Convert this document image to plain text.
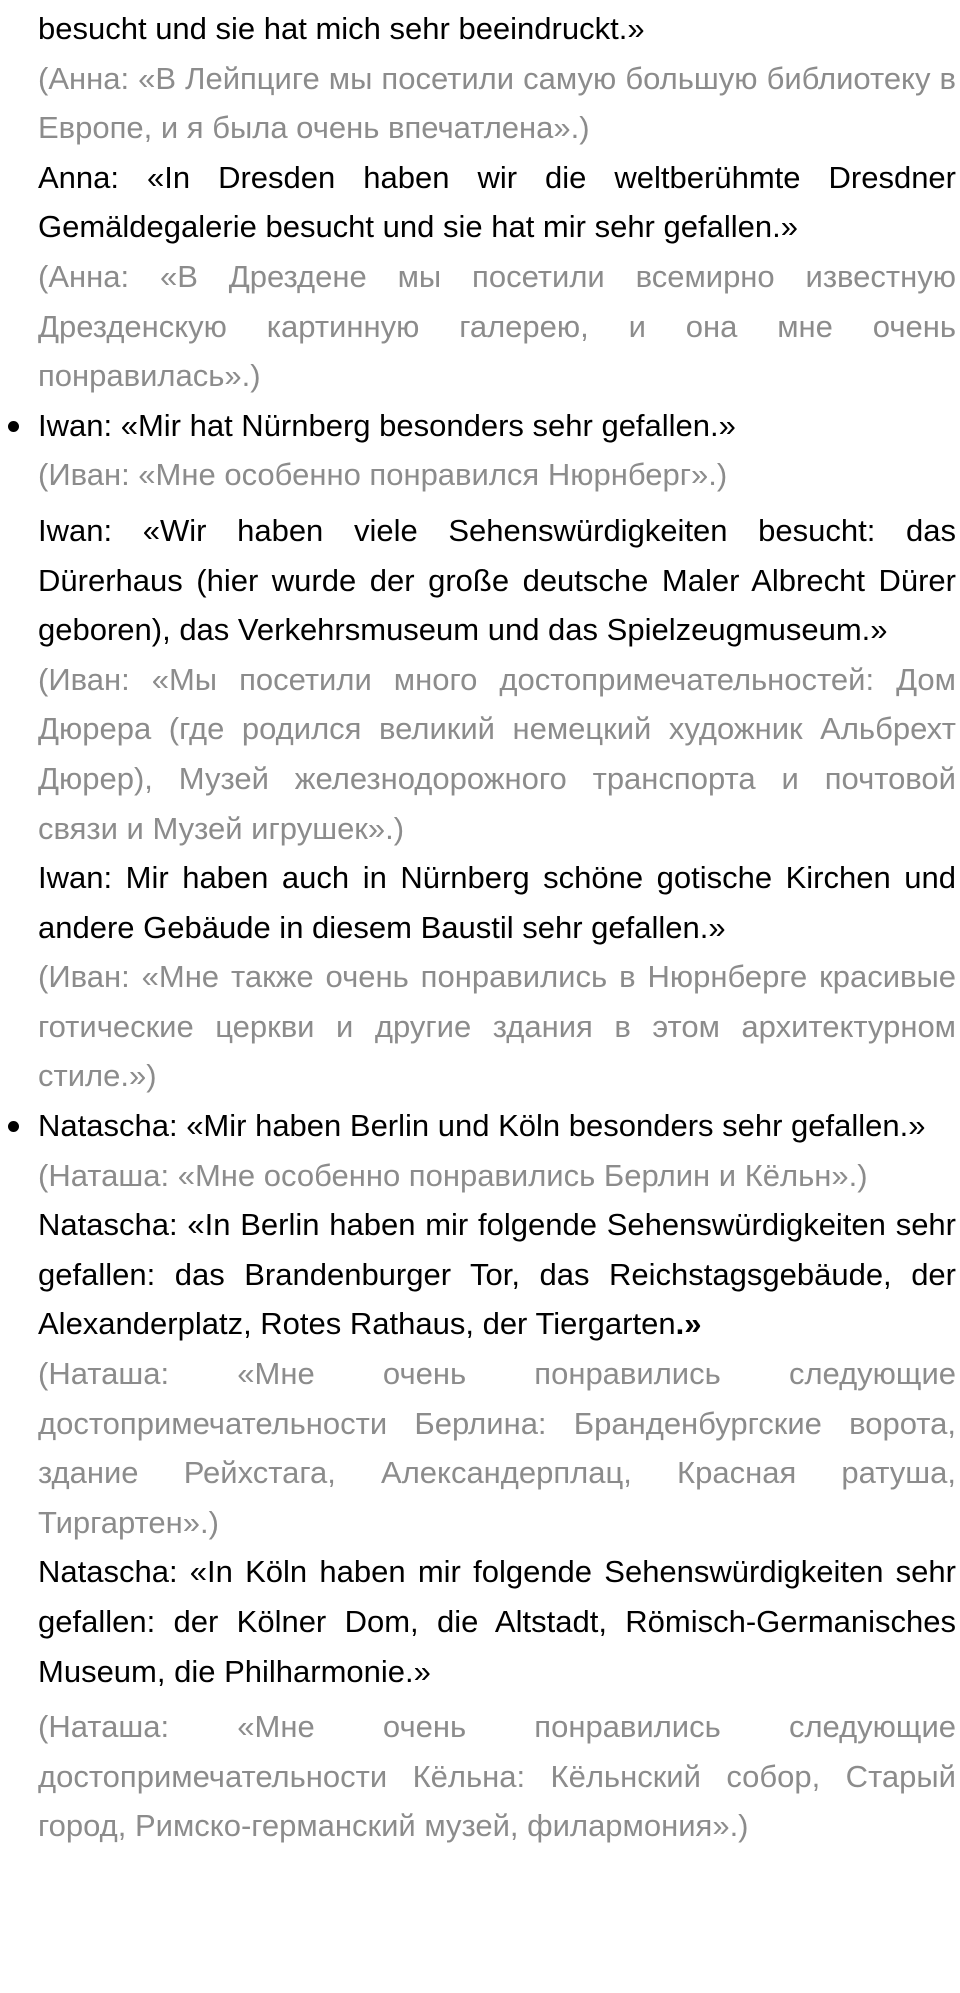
besucht und sie hat mich sehr beeindruckt.»

(Анна: «В Лейпциге мы посетили самую большую библиотеку в Европе, и я была очень впечатлена».)

Anna: «In Dresden haben wir die weltberühmte Dresdner Gemäldegalerie besucht und sie hat mir sehr gefallen.»

(Анна: «В Дрездене мы посетили всемирно известную Дрезденскую картинную галерею, и она мне очень понравилась».)

Iwan: «Mir hat Nürnberg besonders sehr gefallen.»

(Иван: «Мне особенно понравился Нюрнберг».)

Iwan: «Wir haben viele Sehenswürdigkeiten besucht: das Dürerhaus (hier wurde der große deutsche Maler Albrecht Dürer geboren), das Verkehrsmuseum und das Spielzeugmuseum.»

(Иван: «Мы посетили много достопримечательностей: Дом Дюрера (где родился великий немецкий художник Альбрехт Дюрер), Музей железнодорожного транспорта и почтовой связи и Музей игрушек».)

Iwan: Mir haben auch in Nürnberg schöne gotische Kirchen und andere Gebäude in diesem Baustil sehr gefallen.»

(Иван: «Мне также очень понравились в Нюрнберге красивые готические церкви и другие здания в этом архитектурном стиле.»)

Natascha: «Mir haben Berlin und Köln besonders sehr gefallen.»

(Наташа: «Мне особенно понравились Берлин и Кёльн».)

Natascha: «In Berlin haben mir folgende Sehenswürdigkeiten sehr gefallen: das Brandenburger Tor, das Reichstagsgebäude, der Alexanderplatz, Rotes Rathaus, der Tiergarten.»

(Наташа: «Мне очень понравились следующие достопримечательности Берлина: Бранденбургские ворота, здание Рейхстага, Александерплац, Красная ратуша, Тиргартен».)

Natascha: «In Köln haben mir folgende Sehenswürdigkeiten sehr gefallen: der Kölner Dom, die Altstadt, Römisch-Germanisches Museum, die Philharmonie.»

(Наташа: «Мне очень понравились следующие достопримечательности Кёльна: Кёльнский собор, Старый город, Римско-германский музей, филармония».)
